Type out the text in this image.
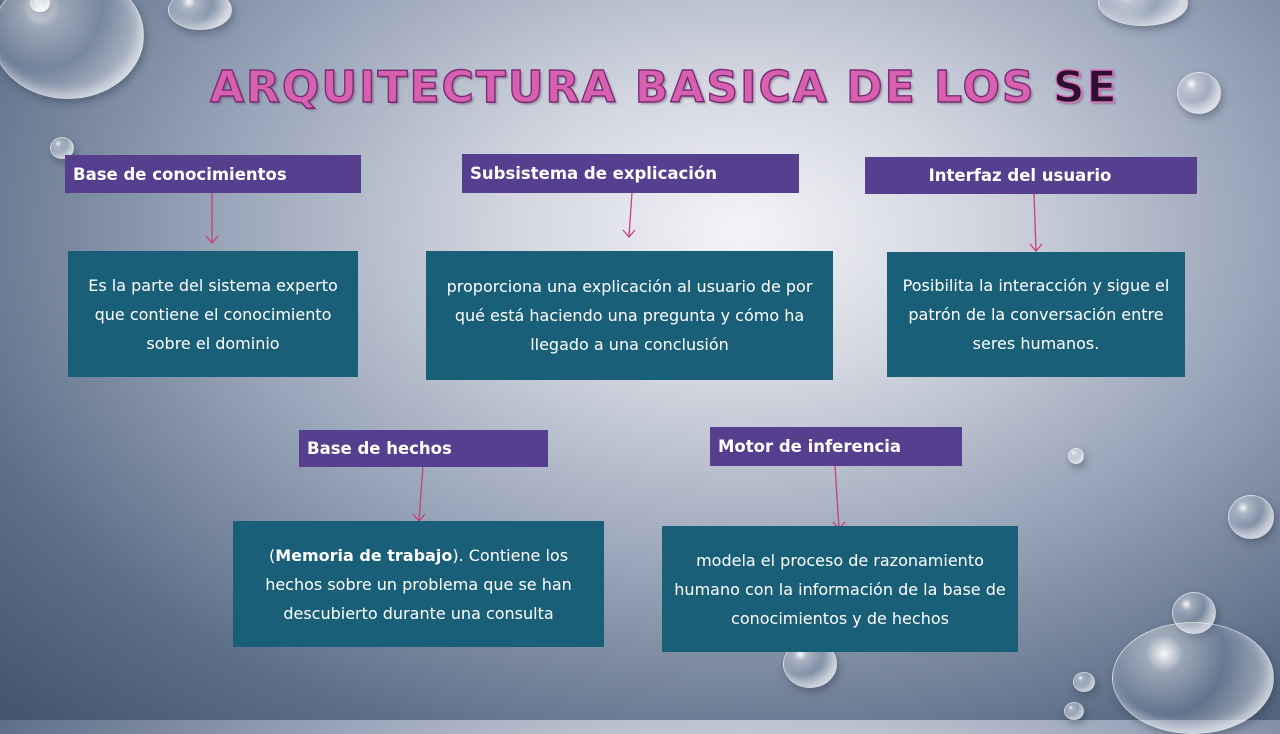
ARQUITECTURA BASICA DE LOS SE
Base de conocimientos	Subsistema de explicación	Interfaz del usuario
Base de hechos	Motor de inferencia

Es la parte del sistema experto que contiene el conocimiento sobre el dominio

proporciona una explicación al usuario de por qué está haciendo una pregunta y cómo ha llegado a una conclusión

Posibilita la interacción y sigue el patrón de la conversación entre seres humanos.

(Memoria de trabajo). Contiene los hechos sobre un problema que se han descubierto durante una consulta

modela el proceso de razonamiento humano con la información de la base de conocimientos y de hechos
